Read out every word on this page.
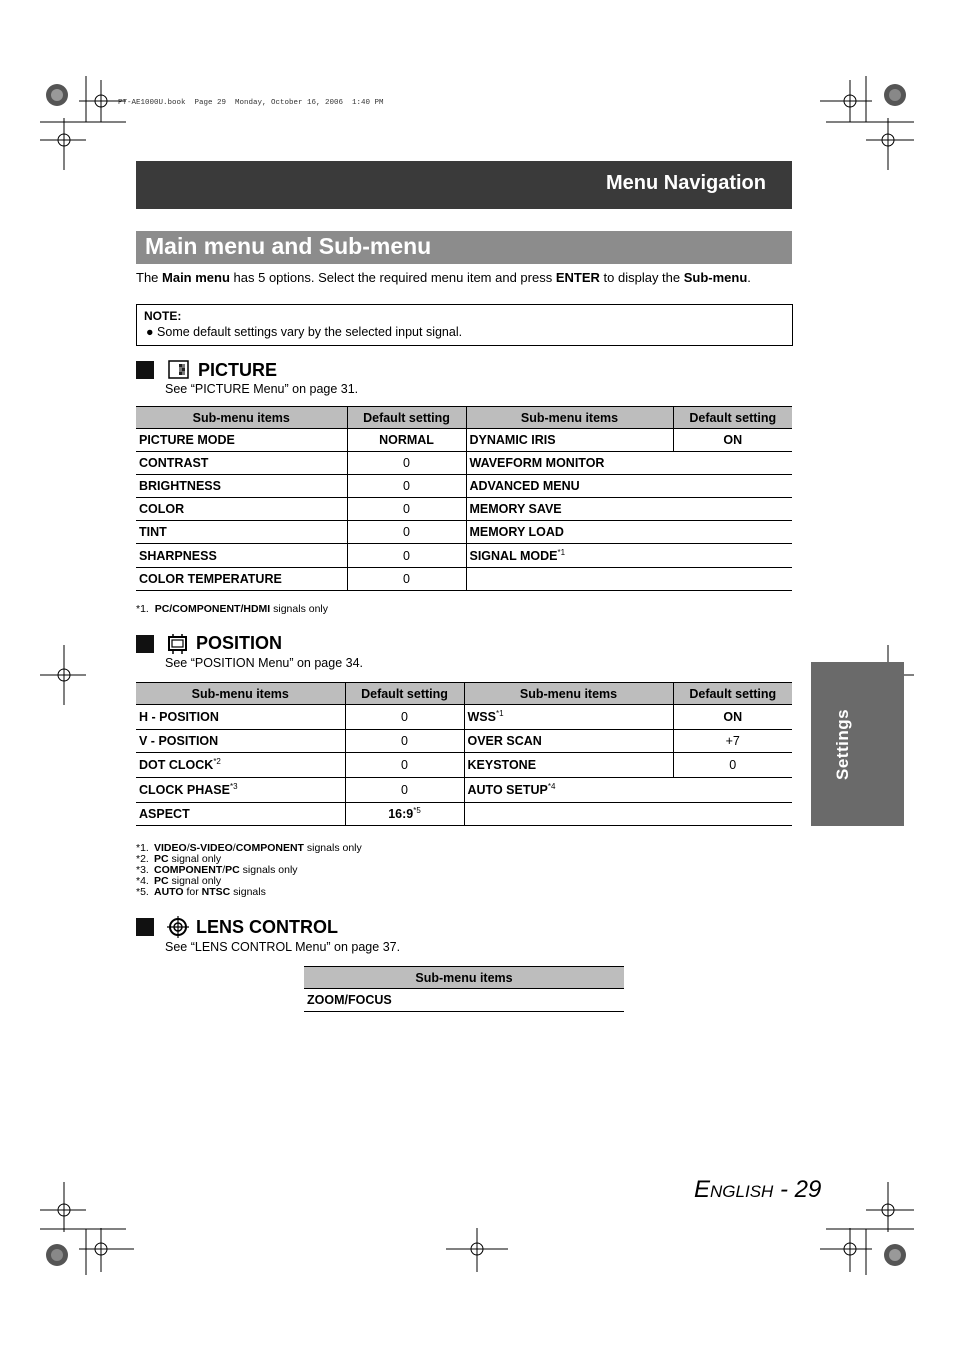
PT-AE1000U.book  Page 29  Monday, October 16, 2006  1:40 PM
Menu Navigation
Main menu and Sub-menu
The Main menu has 5 options. Select the required menu item and press ENTER to display the Sub-menu.
NOTE:
● Some default settings vary by the selected input signal.
PICTURE
See “PICTURE Menu” on page 31.
Sub-menu items	Default setting	Sub-menu items	Default setting
PICTURE MODE	NORMAL	DYNAMIC IRIS	ON
CONTRAST	0	WAVEFORM MONITOR	
BRIGHTNESS	0	ADVANCED MENU	
COLOR	0	MEMORY SAVE	
TINT	0	MEMORY LOAD	
SHARPNESS	0	SIGNAL MODE$^{*1}$
COLOR TEMPERATURE	0		
*1. PC/COMPONENT/HDMI signals only
POSITION
See “POSITION Menu” on page 34.
Sub-menu items	Default setting	Sub-menu items	Default setting
H - POSITION	0	WSS$^{*1}$	ON
V - POSITION	0	OVER SCAN	+7
DOT CLOCK$^{*2}$	0	KEYSTONE	0
CLOCK PHASE$^{*3}$	0	AUTO SETUP$^{*4}$
ASPECT	16:9$^{*5}$	
*1. VIDEO/S-VIDEO/COMPONENT signals only
*2. PC signal only
*3. COMPONENT/PC signals only
*4. PC signal only
*5. AUTO for NTSC signals
LENS CONTROL
See “LENS CONTROL Menu” on page 37.
Sub-menu items
ZOOM/FOCUS
Settings
ENGLISH - 29
